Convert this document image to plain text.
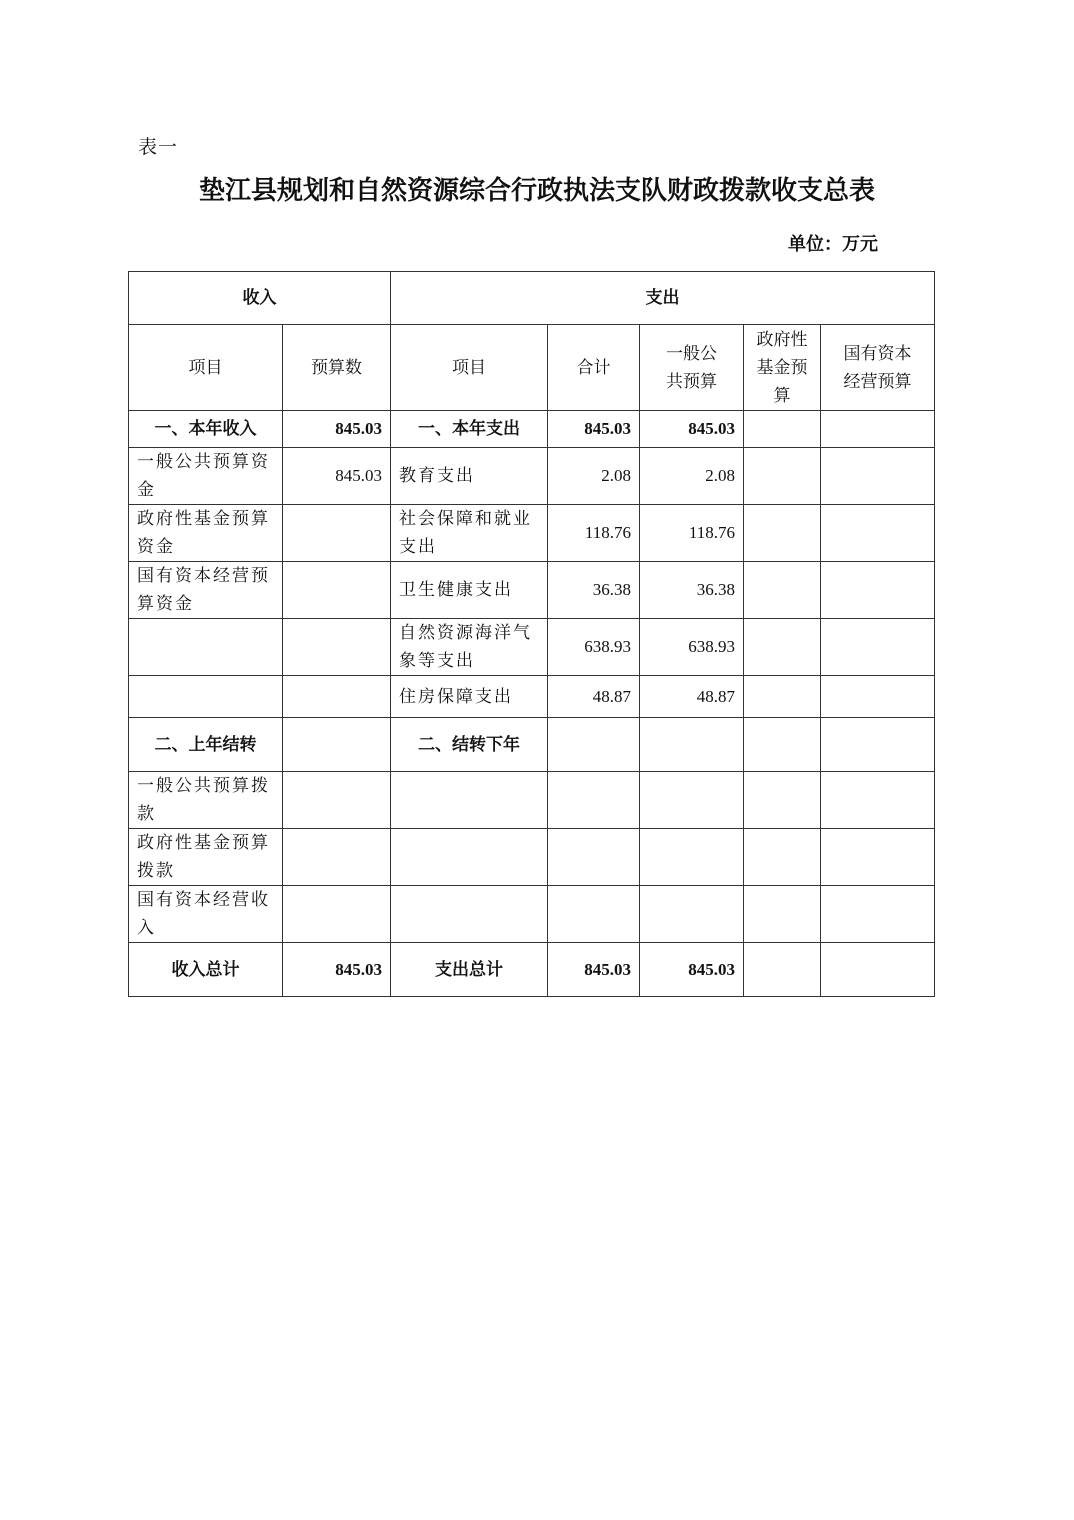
表一
垫江县规划和自然资源综合行政执法支队财政拨款收支总表
单位：万元
收入		支出				
项目	预算数	项目	合计	一般公共预算	政府性基金预算	国有资本经营预算
一、本年收入	845.03	一、本年支出	845.03	845.03		
一般公共预算资金	845.03	教育支出	2.08	2.08		
政府性基金预算资金		社会保障和就业支出	118.76	118.76		
国有资本经营预算资金		卫生健康支出	36.38	36.38		
		自然资源海洋气象等支出	638.93	638.93		
		住房保障支出	48.87	48.87		
二、上年结转		二、结转下年				
一般公共预算拨款						
政府性基金预算拨款						
国有资本经营收入						
收入总计	845.03	支出总计	845.03	845.03		
